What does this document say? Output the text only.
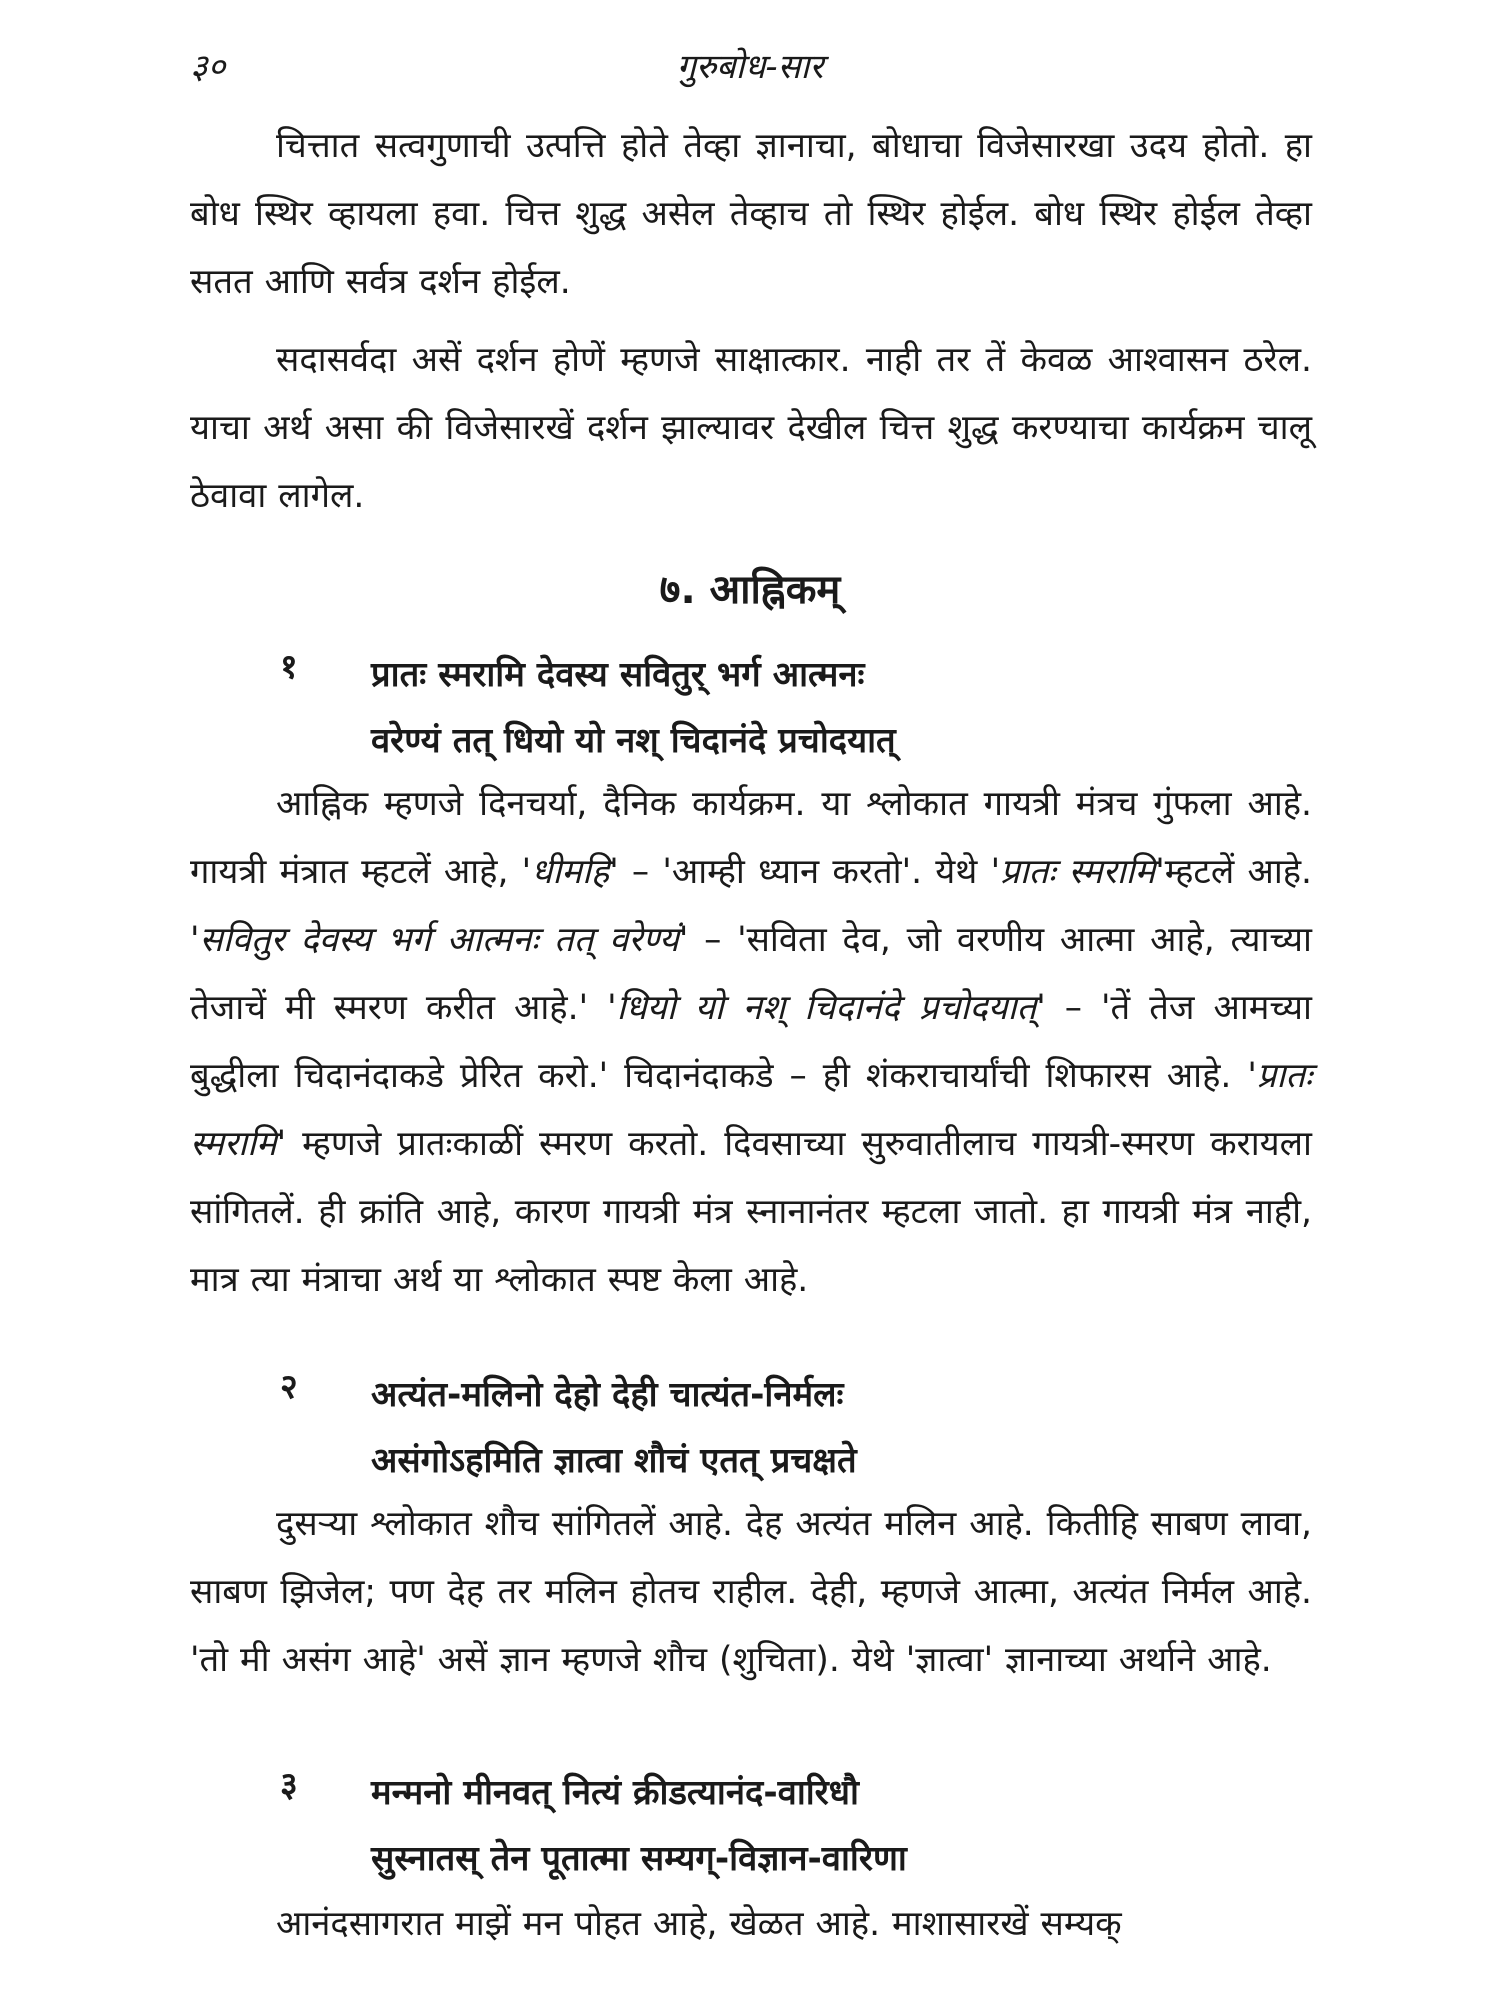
३०	गुरुबोध-सार

चित्तात सत्वगुणाची उत्पत्ति होते तेव्हा ज्ञानाचा, बोधाचा विजेसारखा उदय होतो. हा बोध स्थिर व्हायला हवा. चित्त शुद्ध असेल तेव्हाच तो स्थिर होईल. बोध स्थिर होईल तेव्हा सतत आणि सर्वत्र दर्शन होईल.

सदासर्वदा असें दर्शन होणें म्हणजे साक्षात्कार. नाही तर तें केवळ आश्वासन ठरेल. याचा अर्थ असा की विजेसारखें दर्शन झाल्यावर देखील चित्त शुद्ध करण्याचा कार्यक्रम चालू ठेवावा लागेल.

७. आह्निकम्
१ प्रातः स्मरामि देवस्य सवितुर् भर्ग आत्मनः

वरेण्यं तत् धियो यो नश् चिदानंदे प्रचोदयात्

आह्निक म्हणजे दिनचर्या, दैनिक कार्यक्रम. या श्लोकात गायत्री मंत्रच गुंफला आहे. गायत्री मंत्रात म्हटलें आहे, 'धीमहि' – 'आम्ही ध्यान करतो'. येथे 'प्रातः स्मरामि'म्हटलें आहे. 'सवितुर देवस्य भर्ग आत्मनः तत् वरेण्यं' – 'सविता देव, जो वरणीय आत्मा आहे, त्याच्या तेजाचें मी स्मरण करीत आहे.' 'धियो यो नश् चिदानंदे प्रचोदयात्' – 'तें तेज आमच्या बुद्धीला चिदानंदाकडे प्रेरित करो.' चिदानंदाकडे – ही शंकराचार्यांची शिफारस आहे. 'प्रातः स्मरामि' म्हणजे प्रातःकाळीं स्मरण करतो. दिवसाच्या सुरुवातीलाच गायत्री-स्मरण करायला सांगितलें. ही क्रांति आहे, कारण गायत्री मंत्र स्नानानंतर म्हटला जातो. हा गायत्री मंत्र नाही, मात्र त्या मंत्राचा अर्थ या श्लोकात स्पष्ट केला आहे.

२ अत्यंत-मलिनो देहो देही चात्यंत-निर्मलः

असंगोऽहमिति ज्ञात्वा शौचं एतत् प्रचक्षते

दुसऱ्या श्लोकात शौच सांगितलें आहे. देह अत्यंत मलिन आहे. कितीहि साबण लावा, साबण झिजेल; पण देह तर मलिन होतच राहील. देही, म्हणजे आत्मा, अत्यंत निर्मल आहे. 'तो मी असंग आहे' असें ज्ञान म्हणजे शौच (शुचिता). येथे 'ज्ञात्वा' ज्ञानाच्या अर्थाने आहे.

३ मन्मनो मीनवत् नित्यं क्रीडत्यानंद-वारिधौ

सुस्नातस् तेन पूतात्मा सम्यग्-विज्ञान-वारिणा

आनंदसागरात माझें मन पोहत आहे, खेळत आहे. माशासारखें सम्यक्
